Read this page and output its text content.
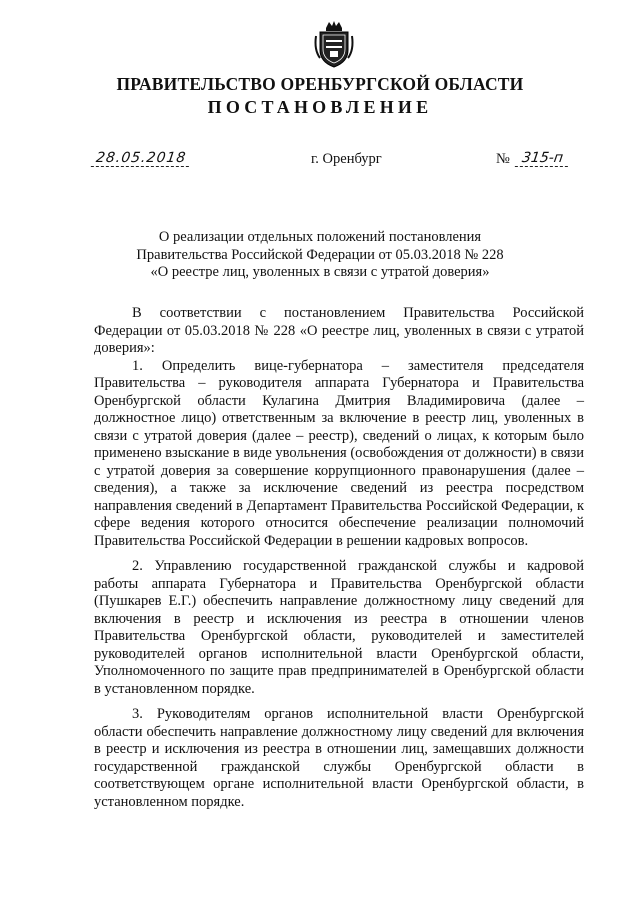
ПРАВИТЕЛЬСТВО ОРЕНБУРГСКОЙ ОБЛАСТИ
ПОСТАНОВЛЕНИЕ
28.05.2018	г. Оренбург	№ 315-п
О реализации отдельных положений постановления
Правительства Российской Федерации от 05.03.2018 № 228
«О реестре лиц, уволенных в связи с утратой доверия»

В соответствии с постановлением Правительства Российской Федерации от 05.03.2018 № 228 «О реестре лиц, уволенных в связи с утратой доверия»:

1. Определить вице-губернатора – заместителя председателя Правительства – руководителя аппарата Губернатора и Правительства Оренбургской области Кулагина Дмитрия Владимировича (далее – должностное лицо) ответственным за включение в реестр лиц, уволенных в связи с утратой доверия (далее – реестр), сведений о лицах, к которым было применено взыскание в виде увольнения (освобождения от должности) в связи с утратой доверия за совершение коррупционного правонарушения (далее – сведения), а также за исключение сведений из реестра посредством направления сведений в Департамент Правительства Российской Федерации, к сфере ведения которого относится обеспечение реализации полномочий Правительства Российской Федерации в решении кадровых вопросов.

2. Управлению государственной гражданской службы и кадровой работы аппарата Губернатора и Правительства Оренбургской области (Пушкарев Е.Г.) обеспечить направление должностному лицу сведений для включения в реестр и исключения из реестра в отношении членов Правительства Оренбургской области, руководителей и заместителей руководителей органов исполнительной власти Оренбургской области, Уполномоченного по защите прав предпринимателей в Оренбургской области в установленном порядке.

3. Руководителям органов исполнительной власти Оренбургской области обеспечить направление должностному лицу сведений для включения в реестр и исключения из реестра в отношении лиц, замещавших должности государственной гражданской службы Оренбургской области в соответствующем органе исполнительной власти Оренбургской области, в установленном порядке.
